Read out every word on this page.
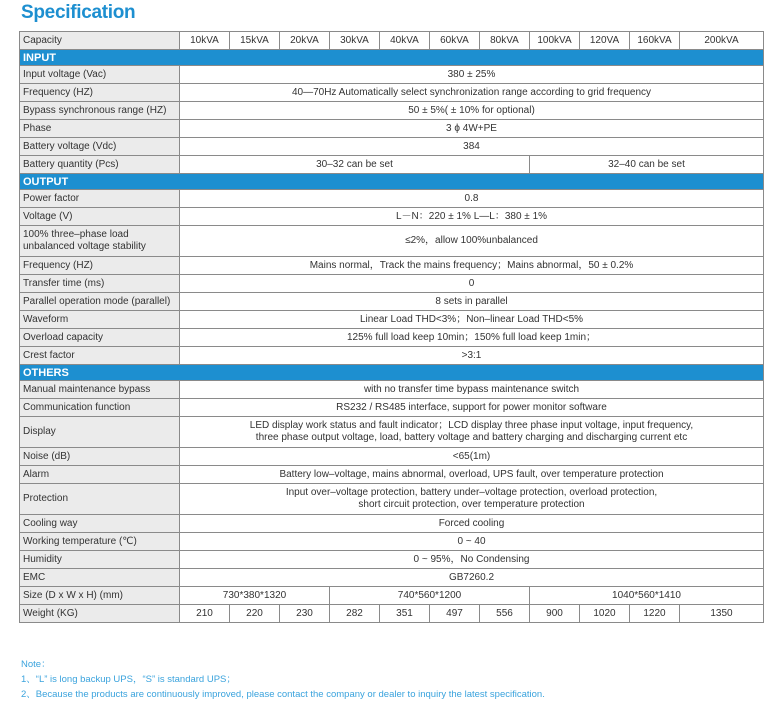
Specification
Capacity	10kVA	15kVA	20kVA	30kVA	40kVA	60kVA	80kVA	100kVA	120VA	160kVA	200kVA
INPUT											
Input voltage (Vac)	380 ± 25%										
Frequency (HZ)	40—70Hz Automatically select synchronization range according to grid frequency										
Bypass synchronous range (HZ)	50 ± 5%( ± 10% for optional)										
Phase	3 ϕ 4W+PE										
Battery voltage (Vdc)	384										
Battery quantity (Pcs)	30–32 can be set							32–40 can be set			
OUTPUT											
Power factor	0.8										
Voltage (V)	L－N：220 ± 1% L—L：380 ± 1%										

100% three–phase load
unbalanced voltage stability	≤2%，allow 100%unbalanced										
Frequency (HZ)	Mains normal，Track the mains frequency；Mains abnormal，50 ± 0.2%										
Transfer time (ms)	0										
Parallel operation mode (parallel)	8 sets in parallel										
Waveform	Linear Load THD<3%；Non–linear Load THD<5%										
Overload capacity	125% full load keep 10min；150% full load keep 1min；										
Crest factor	>3:1										
OTHERS											
Manual maintenance bypass	with no transfer time bypass maintenance switch										
Communication function	RS232 / RS485 interface, support for power monitor software										
Display	LED display work status and fault indicator；LCD display three phase input voltage, input frequency,
three phase output voltage, load, battery voltage and battery charging and discharging current etc										

Noise (dB)	<65(1m)										
Alarm	Battery low–voltage, mains abnormal, overload, UPS fault, over temperature protection										
Protection	Input over–voltage protection, battery under–voltage protection, overload protection,
short circuit protection, over temperature protection										

Cooling way	Forced cooling										
Working temperature (℃)	0 ~ 40										
Humidity	0 ~ 95%，No Condensing										
EMC	GB7260.2										
Size (D x W x H) (mm)	730*380*1320			740*560*1200				1040*560*1410			
Weight (KG)	210	220	230	282	351	497	556	900	1020	1220	1350
Note：
1、“L” is long backup UPS，“S” is standard UPS；
2、Because the products are continuously improved, please contact the company or dealer to inquiry the latest specification.
